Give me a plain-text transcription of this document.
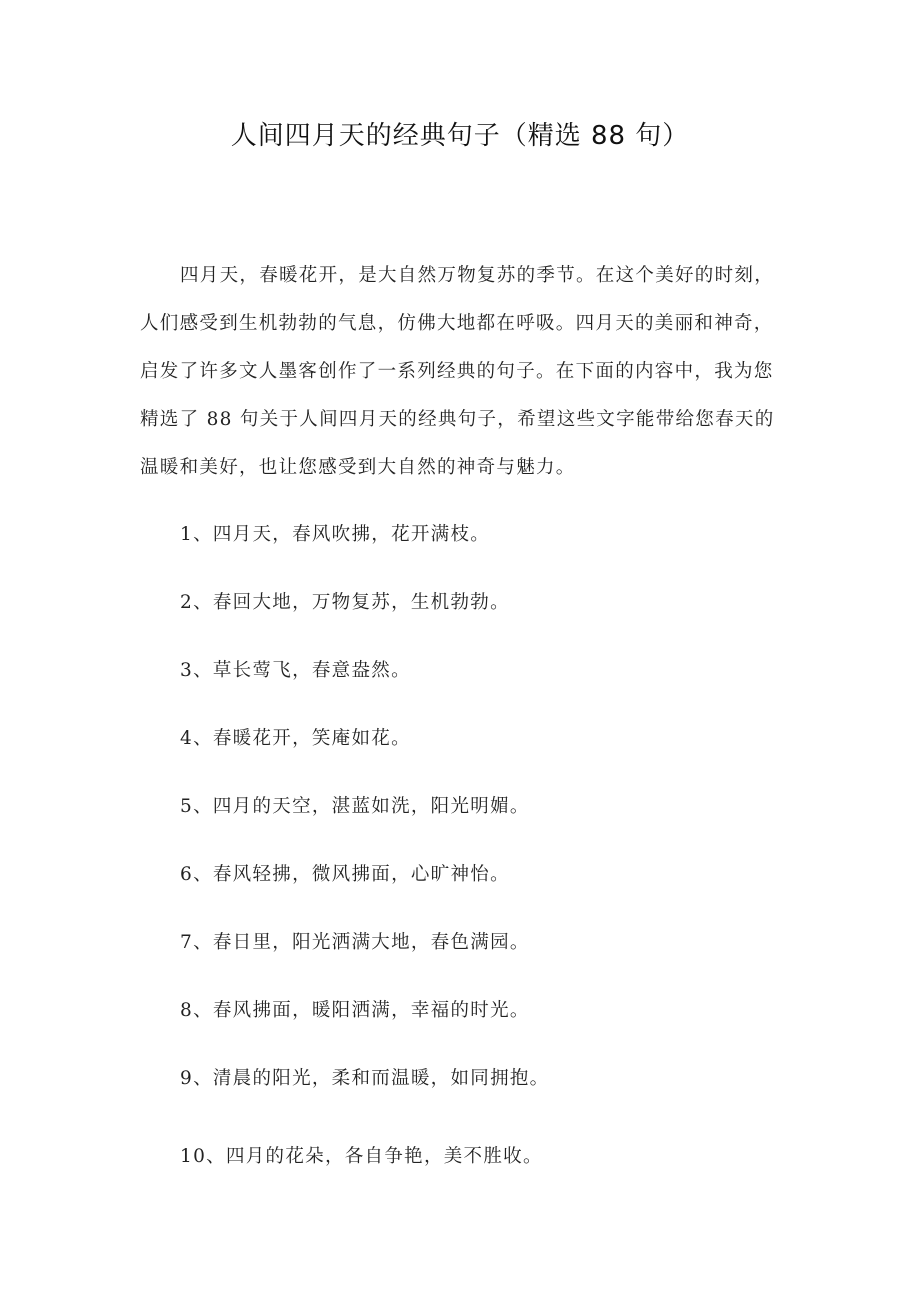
人间四月天的经典句子（精选 88 句）
四月天，春暖花开，是大自然万物复苏的季节。在这个美好的时刻，人们感受到生机勃勃的气息，仿佛大地都在呼吸。四月天的美丽和神奇，启发了许多文人墨客创作了一系列经典的句子。在下面的内容中，我为您精选了 88 句关于人间四月天的经典句子，希望这些文字能带给您春天的温暖和美好，也让您感受到大自然的神奇与魅力。
1、四月天，春风吹拂，花开满枝。
2、春回大地，万物复苏，生机勃勃。
3、草长莺飞，春意盎然。
4、春暖花开，笑庵如花。
5、四月的天空，湛蓝如洗，阳光明媚。
6、春风轻拂，微风拂面，心旷神怡。
7、春日里，阳光洒满大地，春色满园。
8、春风拂面，暖阳洒满，幸福的时光。
9、清晨的阳光，柔和而温暖，如同拥抱。
10、四月的花朵，各自争艳，美不胜收。
